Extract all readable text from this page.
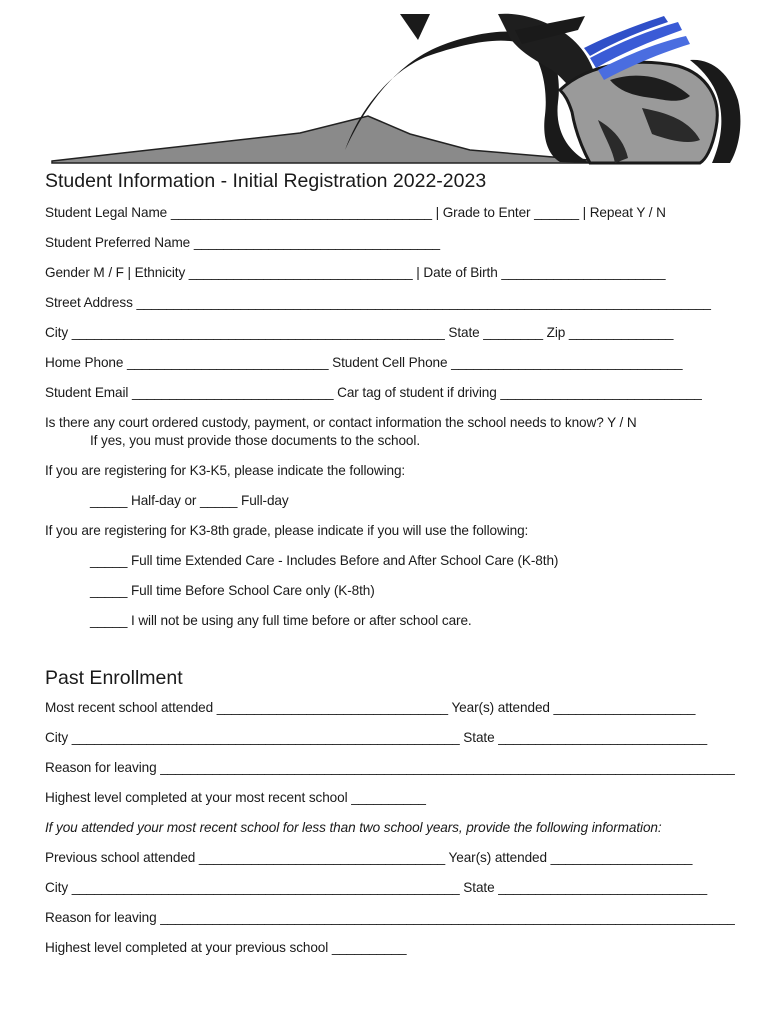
Student Information - Initial Registration 2022-2023
Student Legal Name ___________________________________ | Grade to Enter ______ | Repeat Y / N
Student Preferred Name _________________________________
Gender M / F | Ethnicity ______________________________ | Date of Birth ______________________
Street Address _____________________________________________________________________________
City __________________________________________________ State ________ Zip ______________
Home Phone ___________________________ Student Cell Phone _______________________________
Student Email ___________________________ Car tag of student if driving ___________________________
Is there any court ordered custody, payment, or contact information the school needs to know? Y / N
If yes, you must provide those documents to the school.
If you are registering for K3-K5, please indicate the following:
_____ Half-day or _____ Full-day
If you are registering for K3-8th grade, please indicate if you will use the following:
_____ Full time Extended Care - Includes Before and After School Care (K-8th)
_____ Full time Before School Care only (K-8th)
_____ I will not be using any full time before or after school care.
Past Enrollment
Most recent school attended _______________________________ Year(s) attended ___________________
City ____________________________________________________ State ____________________________
Reason for leaving _____________________________________________________________________________
Highest level completed at your most recent school __________
If you attended your most recent school for less than two school years, provide the following information:
Previous school attended _________________________________ Year(s) attended ___________________
City ____________________________________________________ State ____________________________
Reason for leaving _____________________________________________________________________________
Highest level completed at your previous school __________
